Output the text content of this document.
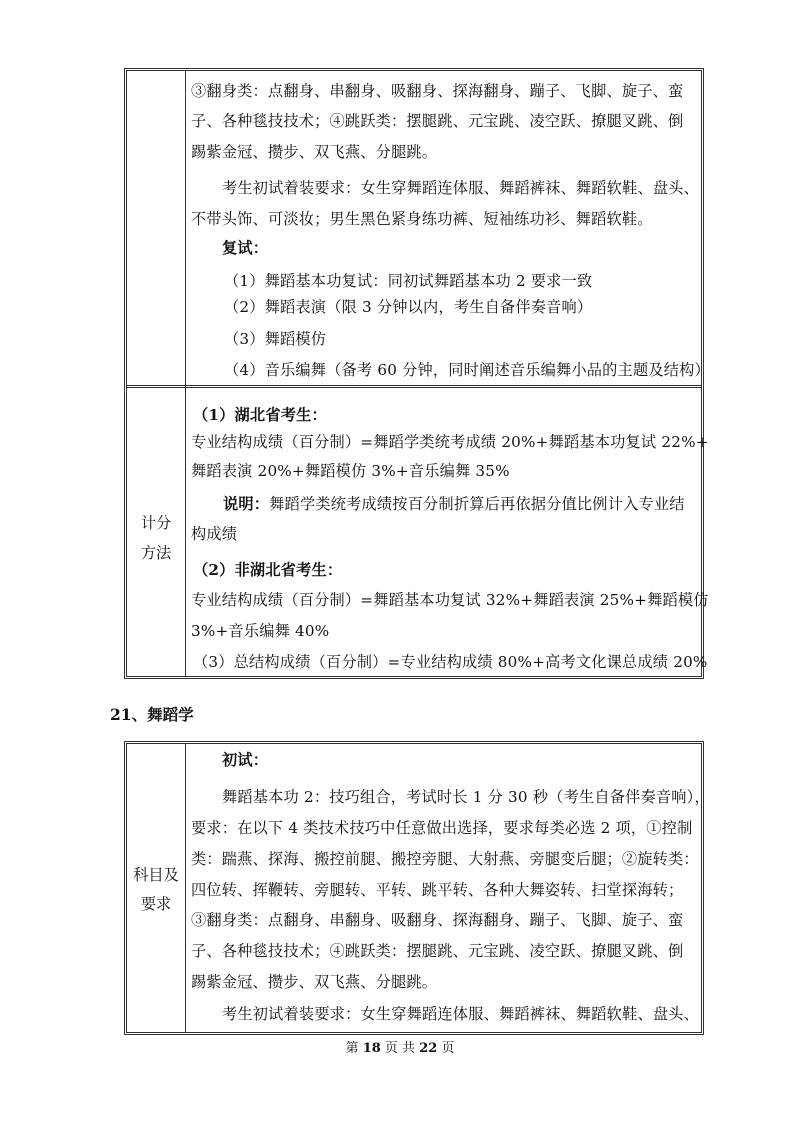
③翻身类：点翻身、串翻身、吸翻身、探海翻身、蹦子、飞脚、旋子、蛮
子、各种毯技技术；④跳跃类：摆腿跳、元宝跳、凌空跃、撩腿叉跳、倒
踢紫金冠、攒步、双飞燕、分腿跳。
考生初试着装要求：女生穿舞蹈连体服、舞蹈裤袜、舞蹈软鞋、盘头、
不带头饰、可淡妆；男生黑色紧身练功裤、短袖练功衫、舞蹈软鞋。
复试：
（1）舞蹈基本功复试：同初试舞蹈基本功 2 要求一致
（2）舞蹈表演（限 3 分钟以内，考生自备伴奏音响）
（3）舞蹈模仿
（4）音乐编舞（备考 60 分钟，同时阐述音乐编舞小品的主题及结构）
计分
方法
（1）湖北省考生：
专业结构成绩（百分制）=舞蹈学类统考成绩 20%+舞蹈基本功复试 22%+
舞蹈表演 20%+舞蹈模仿 3%+音乐编舞 35%
说明：舞蹈学类统考成绩按百分制折算后再依据分值比例计入专业结
构成绩
（2）非湖北省考生：
专业结构成绩（百分制）=舞蹈基本功复试 32%+舞蹈表演 25%+舞蹈模仿
3%+音乐编舞 40%
（3）总结构成绩（百分制）=专业结构成绩 80%+高考文化课总成绩 20%
21、舞蹈学
科目及
要求
初试：
舞蹈基本功 2：技巧组合，考试时长 1 分 30 秒（考生自备伴奏音响），
要求：在以下 4 类技术技巧中任意做出选择，要求每类必选 2 项，①控制
类：踹燕、探海、搬控前腿、搬控旁腿、大射燕、旁腿变后腿；②旋转类：
四位转、挥鞭转、旁腿转、平转、跳平转、各种大舞姿转、扫堂探海转；
③翻身类：点翻身、串翻身、吸翻身、探海翻身、蹦子、飞脚、旋子、蛮
子、各种毯技技术；④跳跃类：摆腿跳、元宝跳、凌空跃、撩腿叉跳、倒
踢紫金冠、攒步、双飞燕、分腿跳。
考生初试着装要求：女生穿舞蹈连体服、舞蹈裤袜、舞蹈软鞋、盘头、
第 18 页 共 22 页
